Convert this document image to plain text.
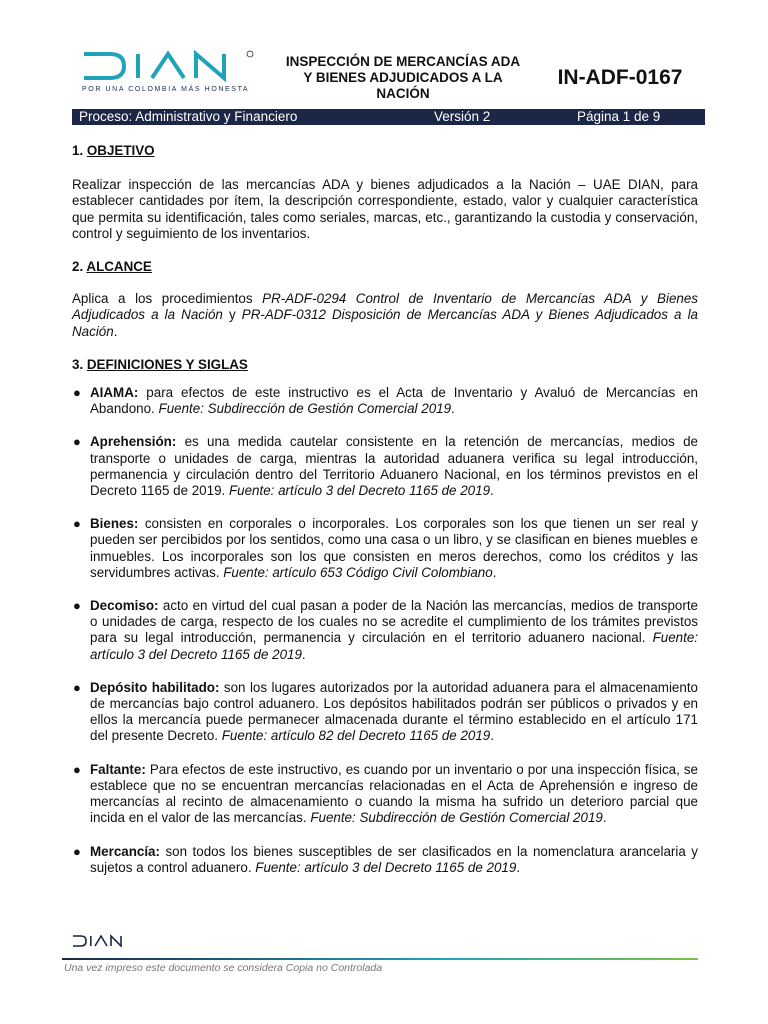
POR UNA COLOMBIA MÁS HONESTA
INSPECCIÓN DE MERCANCÍAS ADA
Y BIENES ADJUDICADOS A LA
NACIÓN
IN-ADF-0167
Proceso: Administrativo y Financiero	Versión 2	Página 1 de 9
1. OBJETIVO

Realizar inspección de las mercancías ADA y bienes adjudicados a la Nación – UAE DIAN, para establecer cantidades por ítem, la descripción correspondiente, estado, valor y cualquier característica que permita su identificación, tales como seriales, marcas, etc., garantizando la custodia y conservación, control y seguimiento de los inventarios.

2. ALCANCE

Aplica a los procedimientos PR-ADF-0294 Control de Inventario de Mercancías ADA y Bienes Adjudicados a la Nación y PR-ADF-0312 Disposición de Mercancías ADA y Bienes Adjudicados a la Nación.

3. DEFINICIONES Y SIGLAS
● AIAMA: para efectos de este instructivo es el Acta de Inventario y Avaluó de Mercancías en Abandono. Fuente: Subdirección de Gestión Comercial 2019.
● Aprehensión: es una medida cautelar consistente en la retención de mercancías, medios de transporte o unidades de carga, mientras la autoridad aduanera verifica su legal introducción, permanencia y circulación dentro del Territorio Aduanero Nacional, en los términos previstos en el Decreto 1165 de 2019. Fuente: artículo 3 del Decreto 1165 de 2019.
● Bienes: consisten en corporales o incorporales. Los corporales son los que tienen un ser real y pueden ser percibidos por los sentidos, como una casa o un libro, y se clasifican en bienes muebles e inmuebles. Los incorporales son los que consisten en meros derechos, como los créditos y las servidumbres activas. Fuente: artículo 653 Código Civil Colombiano.
● Decomiso: acto en virtud del cual pasan a poder de la Nación las mercancías, medios de transporte o unidades de carga, respecto de los cuales no se acredite el cumplimiento de los trámites previstos para su legal introducción, permanencia y circulación en el territorio aduanero nacional. Fuente: artículo 3 del Decreto 1165 de 2019.
● Depósito habilitado: son los lugares autorizados por la autoridad aduanera para el almacenamiento de mercancías bajo control aduanero. Los depósitos habilitados podrán ser públicos o privados y en ellos la mercancía puede permanecer almacenada durante el término establecido en el artículo 171 del presente Decreto. Fuente: artículo 82 del Decreto 1165 de 2019.
● Faltante: Para efectos de este instructivo, es cuando por un inventario o por una inspección física, se establece que no se encuentran mercancías relacionadas en el Acta de Aprehensión e ingreso de mercancías al recinto de almacenamiento o cuando la misma ha sufrido un deterioro parcial que incida en el valor de las mercancías. Fuente: Subdirección de Gestión Comercial 2019.
● Mercancía: son todos los bienes susceptibles de ser clasificados en la nomenclatura arancelaria y sujetos a control aduanero. Fuente: artículo 3 del Decreto 1165 de 2019.
Una vez impreso este documento se considera Copia no Controlada
